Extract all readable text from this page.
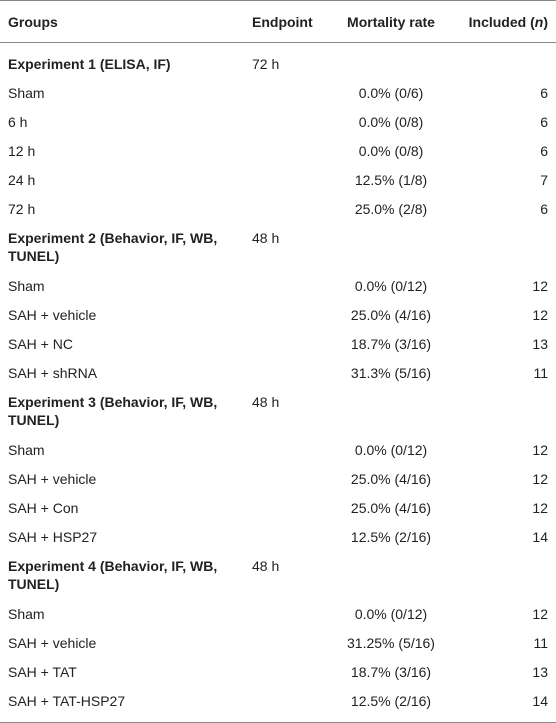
Groups	Endpoint	Mortality rate	Included (n)
Experiment 1 (ELISA, IF)	72 h		
Sham		0.0% (0/6)	6
6 h		0.0% (0/8)	6
12 h		0.0% (0/8)	6
24 h		12.5% (1/8)	7
72 h		25.0% (2/8)	6
Experiment 2 (Behavior, IF, WB, TUNEL)	48 h		
Sham		0.0% (0/12)	12
SAH + vehicle		25.0% (4/16)	12
SAH + NC		18.7% (3/16)	13
SAH + shRNA		31.3% (5/16)	11
Experiment 3 (Behavior, IF, WB, TUNEL)	48 h		
Sham		0.0% (0/12)	12
SAH + vehicle		25.0% (4/16)	12
SAH + Con		25.0% (4/16)	12
SAH + HSP27		12.5% (2/16)	14
Experiment 4 (Behavior, IF, WB, TUNEL)	48 h		
Sham		0.0% (0/12)	12
SAH + vehicle		31.25% (5/16)	11
SAH + TAT		18.7% (3/16)	13
SAH + TAT-HSP27		12.5% (2/16)	14
